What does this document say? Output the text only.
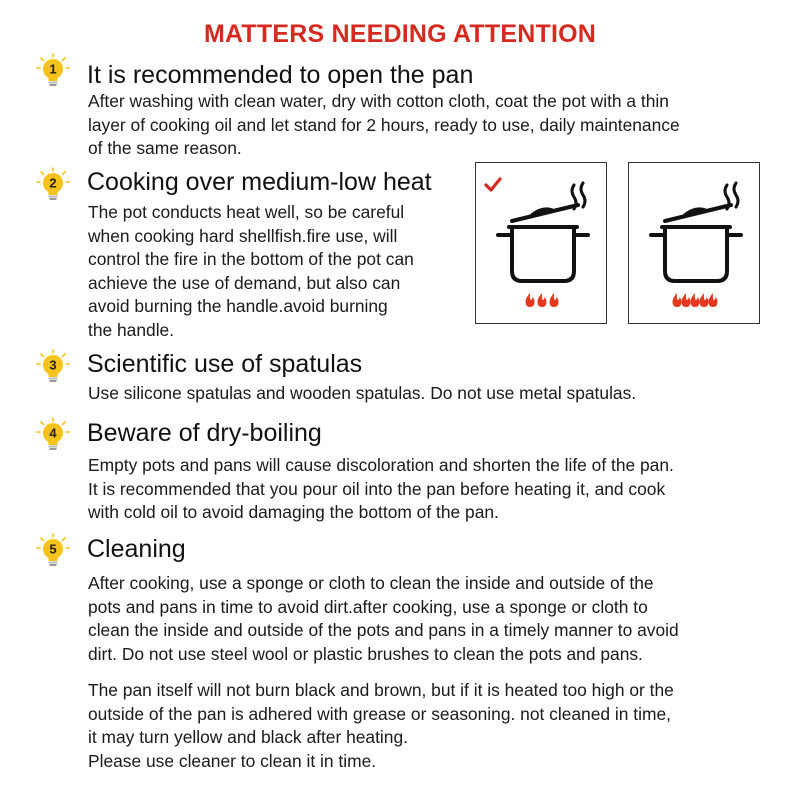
MATTERS NEEDING ATTENTION
1 It is recommended to open the pan
After washing with clean water, dry with cotton cloth, coat the pot with a thin
layer of cooking oil and let stand for 2 hours, ready to use, daily maintenance
of the same reason.
2 Cooking over medium-low heat
The pot conducts heat well, so be careful
when cooking hard shellfish.fire use, will
control the fire in the bottom of the pot can
achieve the use of demand, but also can
avoid burning the handle.avoid burning
the handle.
3 Scientific use of spatulas
Use silicone spatulas and wooden spatulas. Do not use metal spatulas.
4 Beware of dry-boiling
Empty pots and pans will cause discoloration and shorten the life of the pan.
It is recommended that you pour oil into the pan before heating it, and cook
with cold oil to avoid damaging the bottom of the pan.
5 Cleaning
After cooking, use a sponge or cloth to clean the inside and outside of the
pots and pans in time to avoid dirt.after cooking, use a sponge or cloth to
clean the inside and outside of the pots and pans in a timely manner to avoid
dirt. Do not use steel wool or plastic brushes to clean the pots and pans.
The pan itself will not burn black and brown, but if it is heated too high or the
outside of the pan is adhered with grease or seasoning. not cleaned in time,
it may turn yellow and black after heating.
Please use cleaner to clean it in time.
